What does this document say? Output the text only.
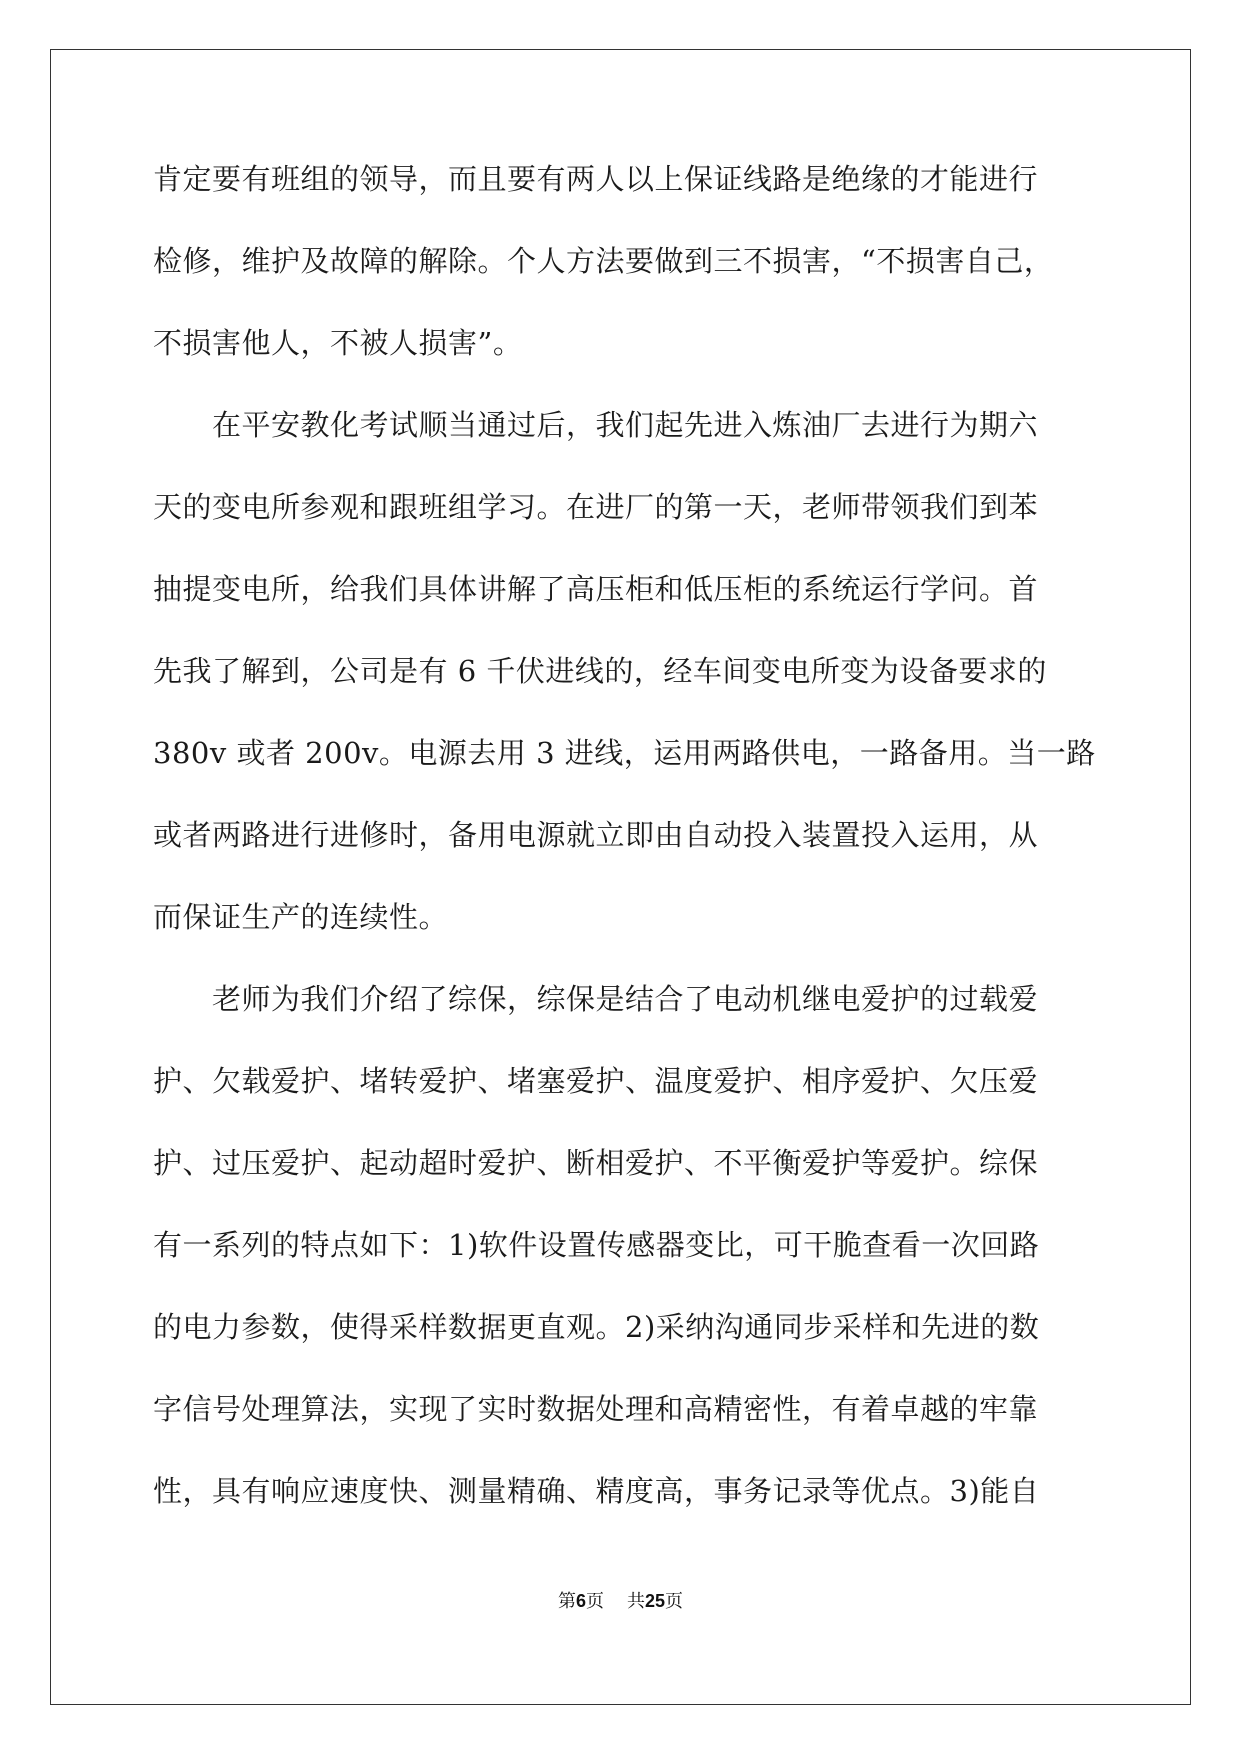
肯定要有班组的领导，而且要有两人以上保证线路是绝缘的才能进行
检修，维护及故障的解除。个人方法要做到三不损害，“不损害自己，
不损害他人，不被人损害”。
　　在平安教化考试顺当通过后，我们起先进入炼油厂去进行为期六
天的变电所参观和跟班组学习。在进厂的第一天，老师带领我们到苯
抽提变电所，给我们具体讲解了高压柜和低压柜的系统运行学问。首
先我了解到，公司是有 6 千伏进线的，经车间变电所变为设备要求的
380v 或者 200v。电源去用 3 进线，运用两路供电，一路备用。当一路
或者两路进行进修时，备用电源就立即由自动投入装置投入运用，从
而保证生产的连续性。
　　老师为我们介绍了综保，综保是结合了电动机继电爱护的过载爱
护、欠载爱护、堵转爱护、堵塞爱护、温度爱护、相序爱护、欠压爱
护、过压爱护、起动超时爱护、断相爱护、不平衡爱护等爱护。综保
有一系列的特点如下：1)软件设置传感器变比，可干脆查看一次回路
的电力参数，使得采样数据更直观。2)采纳沟通同步采样和先进的数
字信号处理算法，实现了实时数据处理和高精密性，有着卓越的牢靠
性，具有响应速度快、测量精确、精度高，事务记录等优点。3)能自
第6页 共25页
